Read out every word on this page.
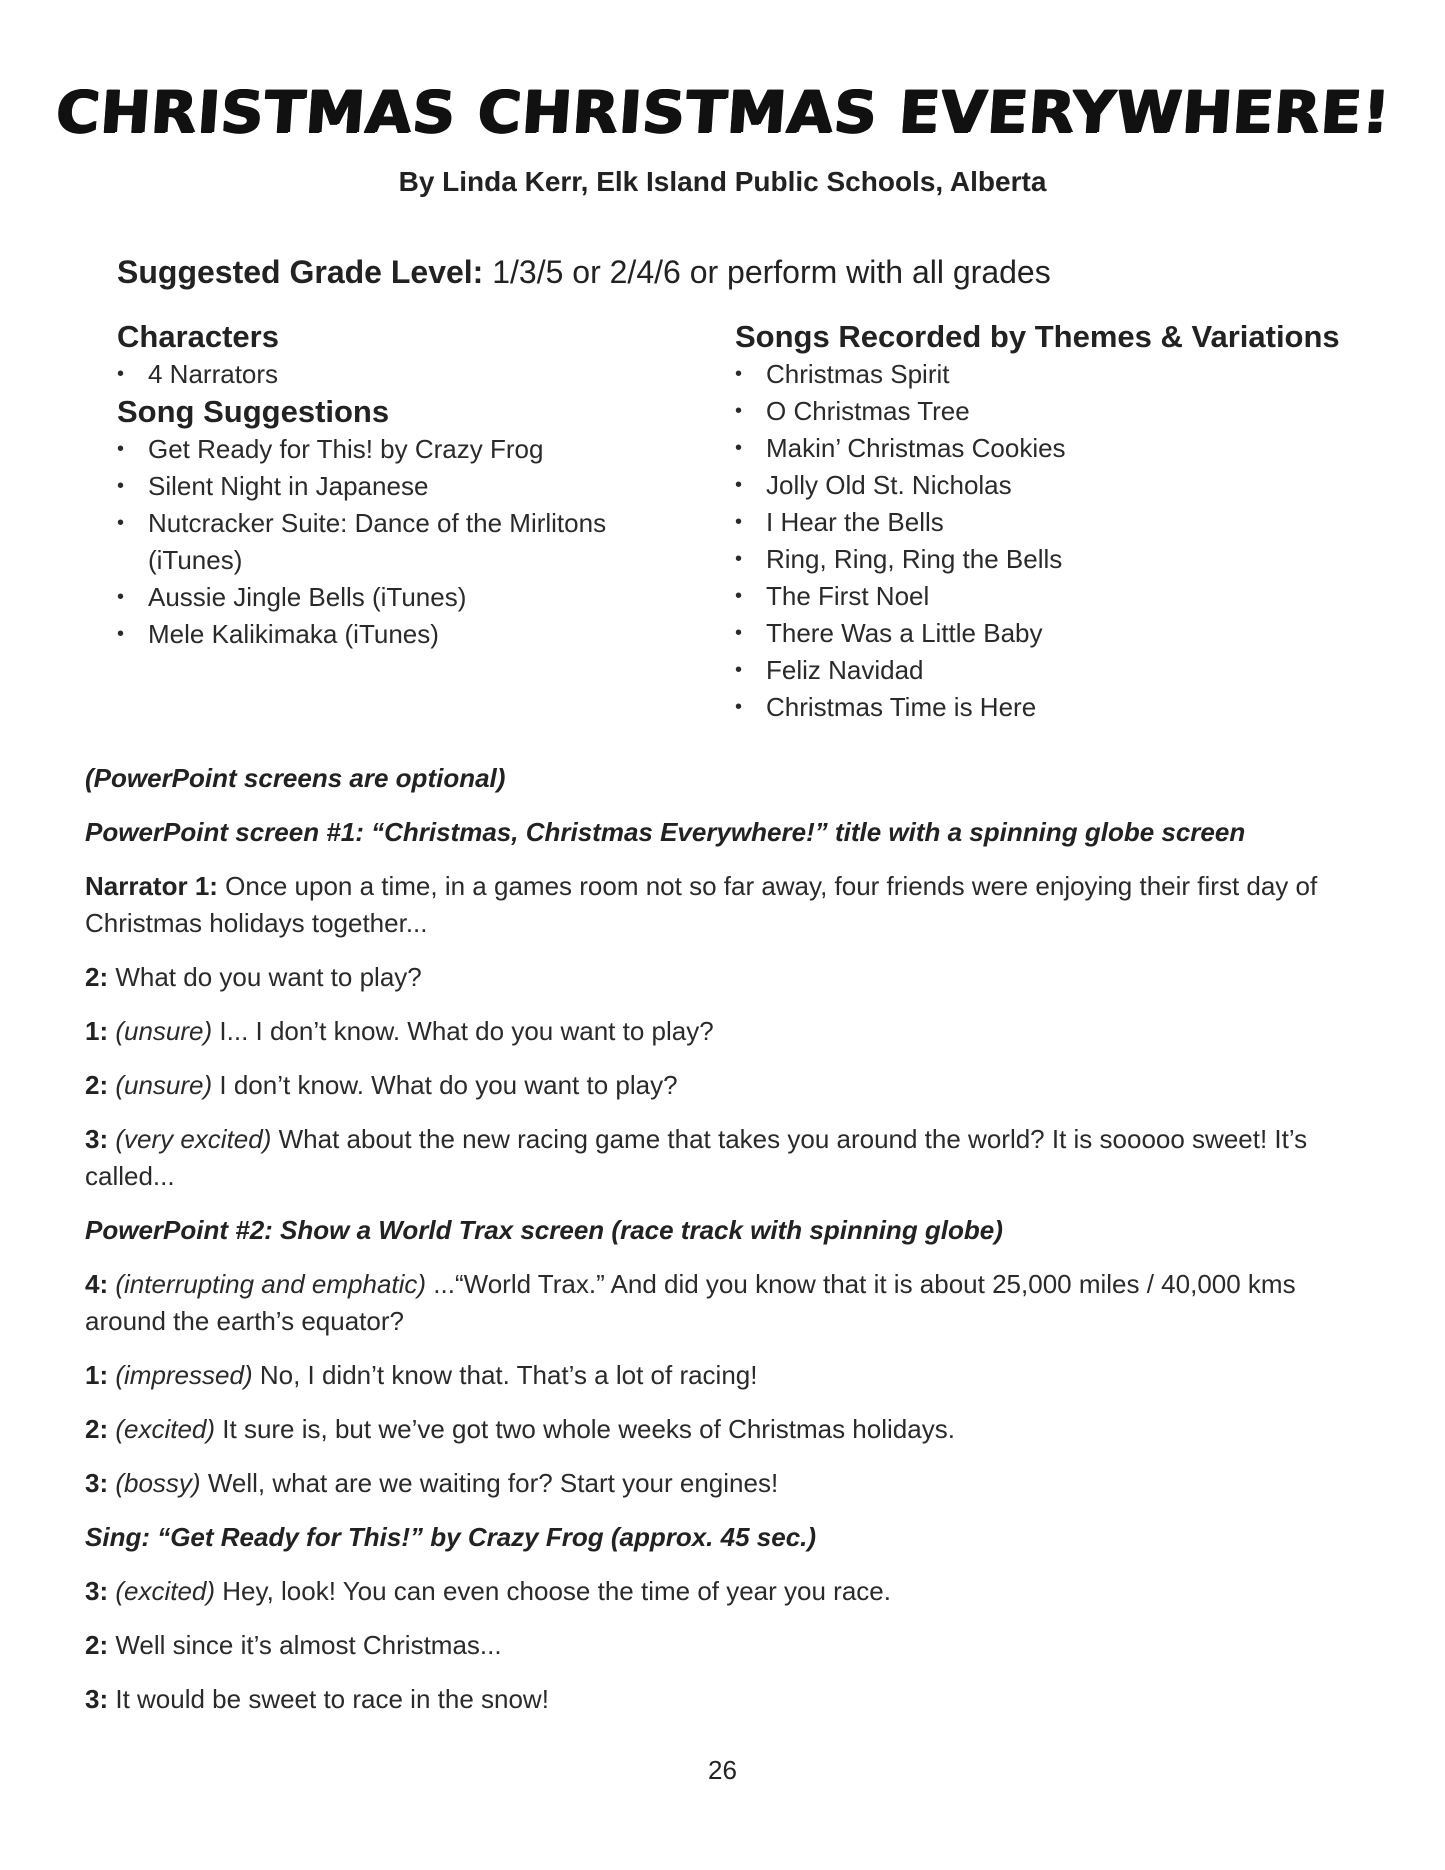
CHRISTMAS CHRISTMAS EVERYWHERE!
By Linda Kerr, Elk Island Public Schools, Alberta
Suggested Grade Level: 1/3/5 or 2/4/6 or perform with all grades
Characters
• 4 Narrators
Song Suggestions
• Get Ready for This! by Crazy Frog
• Silent Night in Japanese
• Nutcracker Suite: Dance of the Mirlitons (iTunes)
• Aussie Jingle Bells (iTunes)
• Mele Kalikimaka (iTunes)
Songs Recorded by Themes & Variations
• Christmas Spirit
• O Christmas Tree
• Makin’ Christmas Cookies
• Jolly Old St. Nicholas
• I Hear the Bells
• Ring, Ring, Ring the Bells
• The First Noel
• There Was a Little Baby
• Feliz Navidad
• Christmas Time is Here

(PowerPoint screens are optional)

PowerPoint screen #1: “Christmas, Christmas Everywhere!” title with a spinning globe screen

Narrator 1: Once upon a time, in a games room not so far away, four friends were enjoying their first day of Christmas holidays together...

2: What do you want to play?

1: (unsure) I... I don’t know. What do you want to play?

2: (unsure) I don’t know. What do you want to play?

3: (very excited) What about the new racing game that takes you around the world? It is sooooo sweet! It’s called...

PowerPoint #2: Show a World Trax screen (race track with spinning globe)

4: (interrupting and emphatic) ...“World Trax.” And did you know that it is about 25,000 miles / 40,000 kms around the earth’s equator?

1: (impressed) No, I didn’t know that. That’s a lot of racing!

2: (excited) It sure is, but we’ve got two whole weeks of Christmas holidays.

3: (bossy) Well, what are we waiting for? Start your engines!

Sing: “Get Ready for This!” by Crazy Frog (approx. 45 sec.)

3: (excited) Hey, look! You can even choose the time of year you race.

2: Well since it’s almost Christmas...

3: It would be sweet to race in the snow!

26
